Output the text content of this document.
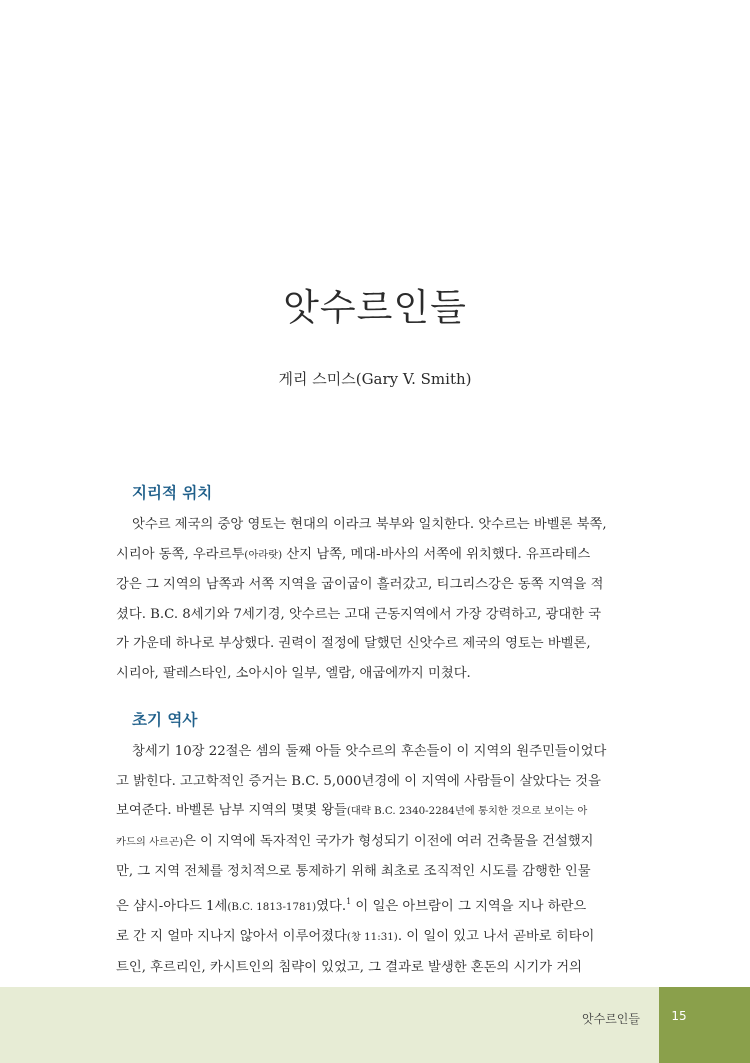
앗수르인들
게리 스미스(Gary V. Smith)
지리적 위치
앗수르 제국의 중앙 영토는 현대의 이라크 북부와 일치한다. 앗수르는 바벨론 북쪽,
시리아 동쪽, 우라르투(아라랏) 산지 남쪽, 메대-바사의 서쪽에 위치했다. 유프라테스
강은 그 지역의 남쪽과 서쪽 지역을 굽이굽이 흘러갔고, 티그리스강은 동쪽 지역을 적
셨다. B.C. 8세기와 7세기경, 앗수르는 고대 근동지역에서 가장 강력하고, 광대한 국
가 가운데 하나로 부상했다. 권력이 절정에 달했던 신앗수르 제국의 영토는 바벨론,
시리아, 팔레스타인, 소아시아 일부, 엘람, 애굽에까지 미쳤다.
초기 역사
창세기 10장 22절은 셈의 둘째 아들 앗수르의 후손들이 이 지역의 원주민들이었다
고 밝힌다. 고고학적인 증거는 B.C. 5,000년경에 이 지역에 사람들이 살았다는 것을
보여준다. 바벨론 남부 지역의 몇몇 왕들(대략 B.C. 2340-2284년에 통치한 것으로 보이는 아
카드의 사르곤)은 이 지역에 독자적인 국가가 형성되기 이전에 여러 건축물을 건설했지
만, 그 지역 전체를 정치적으로 통제하기 위해 최초로 조직적인 시도를 감행한 인물
은 샴시-아다드 1세(B.C. 1813-1781)였다.$^1$ 이 일은 아브람이 그 지역을 지나 하란으
로 간 지 얼마 지나지 않아서 이루어졌다(창 11:31). 이 일이 있고 나서 곧바로 히타이
트인, 후르리인, 카시트인의 침략이 있었고, 그 결과로 발생한 혼돈의 시기가 거의
앗수르인들	15
